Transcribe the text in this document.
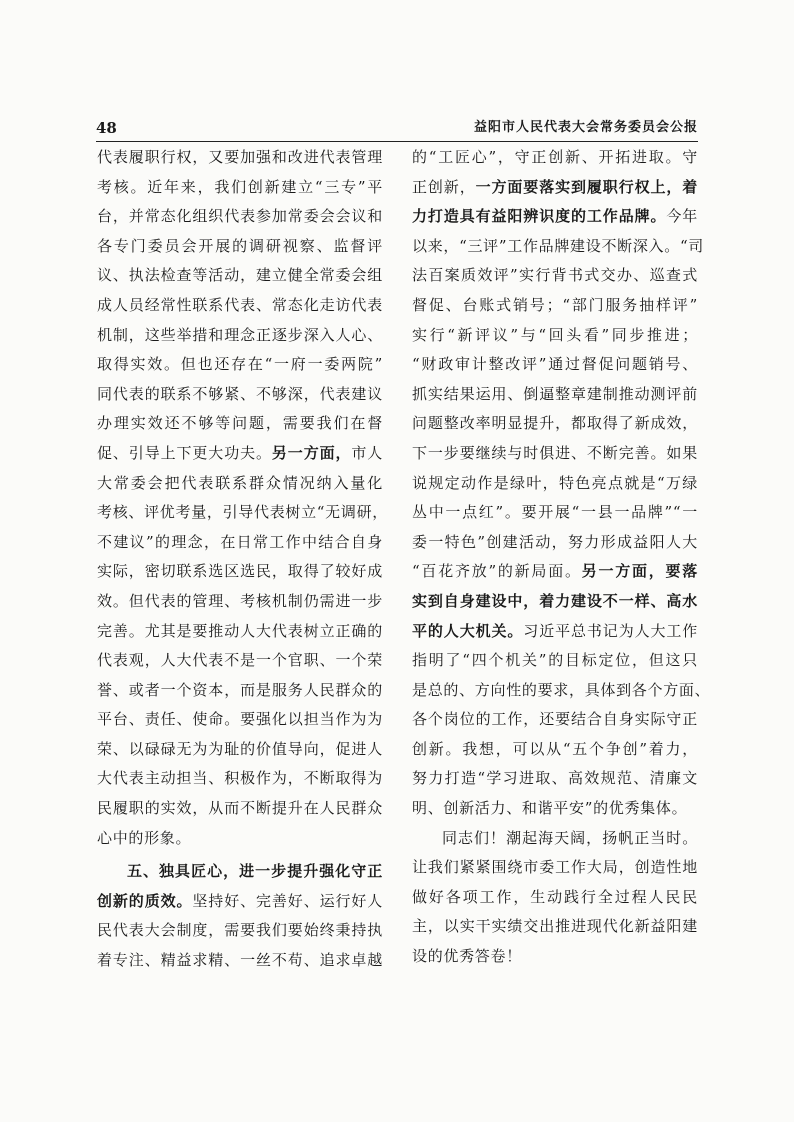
48	益阳市人民代表大会常务委员会公报

代表履职行权，又要加强和改进代表管理
考核。近年来，我们创新建立“三专”平
台，并常态化组织代表参加常委会会议和
各专门委员会开展的调研视察、监督评
议、执法检查等活动，建立健全常委会组
成人员经常性联系代表、常态化走访代表
机制，这些举措和理念正逐步深入人心、
取得实效。但也还存在“一府一委两院”
同代表的联系不够紧、不够深，代表建议
办理实效还不够等问题，需要我们在督
促、引导上下更大功夫。另一方面，市人
大常委会把代表联系群众情况纳入量化
考核、评优考量，引导代表树立“无调研，
不建议”的理念，在日常工作中结合自身
实际，密切联系选区选民，取得了较好成
效。但代表的管理、考核机制仍需进一步
完善。尤其是要推动人大代表树立正确的
代表观，人大代表不是一个官职、一个荣
誉、或者一个资本，而是服务人民群众的
平台、责任、使命。要强化以担当作为为
荣、以碌碌无为为耻的价值导向，促进人
大代表主动担当、积极作为，不断取得为
民履职的实效，从而不断提升在人民群众
心中的形象。

五、独具匠心，进一步提升强化守正
创新的质效。坚持好、完善好、运行好人
民代表大会制度，需要我们要始终秉持执
着专注、精益求精、一丝不苟、追求卓越

的“工匠心”，守正创新、开拓进取。守
正创新，一方面要落实到履职行权上，着
力打造具有益阳辨识度的工作品牌。今年
以来，“三评”工作品牌建设不断深入。“司
法百案质效评”实行背书式交办、巡查式
督促、台账式销号；“部门服务抽样评”
实行“新评议”与“回头看”同步推进；
“财政审计整改评”通过督促问题销号、
抓实结果运用、倒逼整章建制推动测评前
问题整改率明显提升，都取得了新成效，
下一步要继续与时俱进、不断完善。如果
说规定动作是绿叶，特色亮点就是“万绿
丛中一点红”。要开展“一县一品牌”“一
委一特色”创建活动，努力形成益阳人大
“百花齐放”的新局面。另一方面，要落
实到自身建设中，着力建设不一样、高水
平的人大机关。习近平总书记为人大工作
指明了“四个机关”的目标定位，但这只
是总的、方向性的要求，具体到各个方面、
各个岗位的工作，还要结合自身实际守正
创新。我想，可以从“五个争创”着力，
努力打造“学习进取、高效规范、清廉文
明、创新活力、和谐平安”的优秀集体。

同志们！潮起海天阔，扬帆正当时。
让我们紧紧围绕市委工作大局，创造性地
做好各项工作，生动践行全过程人民民
主，以实干实绩交出推进现代化新益阳建
设的优秀答卷！
